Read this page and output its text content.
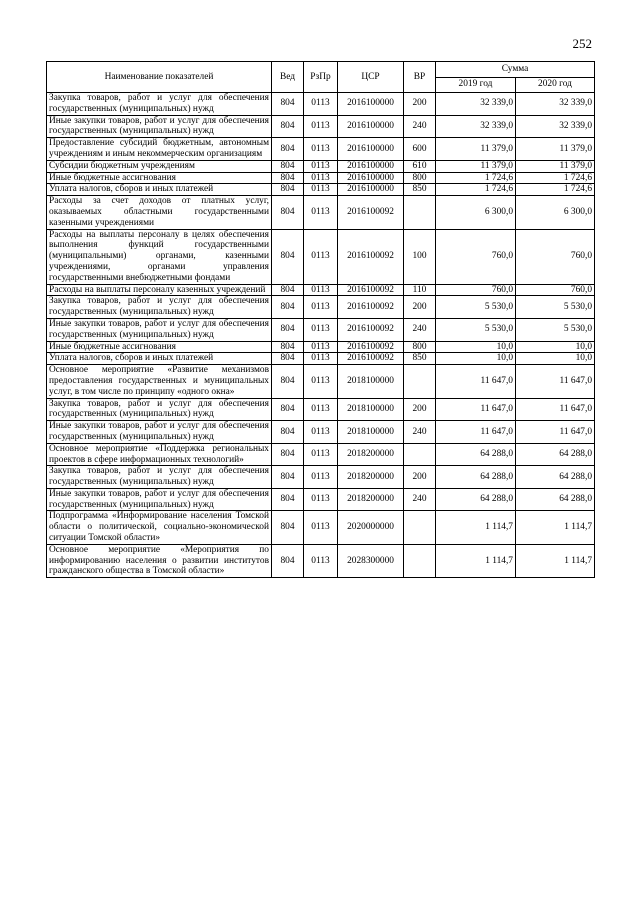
252
Наименование показателей	Вед	РзПр	ЦСР	ВР	Сумма	
					2019 год	2020 год
Закупка товаров, работ и услуг для обеспечения государственных (муниципальных) нужд	804	0113	2016100000	200	32 339,0	32 339,0
Иные закупки товаров, работ и услуг для обеспечения государственных (муниципальных) нужд	804	0113	2016100000	240	32 339,0	32 339,0
Предоставление субсидий бюджетным, автономным учреждениям и иным некоммерческим организациям	804	0113	2016100000	600	11 379,0	11 379,0
Субсидии бюджетным учреждениям	804	0113	2016100000	610	11 379,0	11 379,0
Иные бюджетные ассигнования	804	0113	2016100000	800	1 724,6	1 724,6
Уплата налогов, сборов и иных платежей	804	0113	2016100000	850	1 724,6	1 724,6
Расходы за счет доходов от платных услуг, оказываемых областными государственными казенными учреждениями	804	0113	2016100092		6 300,0	6 300,0
Расходы на выплаты персоналу в целях обеспечения выполнения функций государственными (муниципальными) органами, казенными учреждениями, органами управления государственными внебюджетными фондами	804	0113	2016100092	100	760,0	760,0
Расходы на выплаты персоналу казенных учреждений	804	0113	2016100092	110	760,0	760,0
Закупка товаров, работ и услуг для обеспечения государственных (муниципальных) нужд	804	0113	2016100092	200	5 530,0	5 530,0
Иные закупки товаров, работ и услуг для обеспечения государственных (муниципальных) нужд	804	0113	2016100092	240	5 530,0	5 530,0
Иные бюджетные ассигнования	804	0113	2016100092	800	10,0	10,0
Уплата налогов, сборов и иных платежей	804	0113	2016100092	850	10,0	10,0
Основное мероприятие «Развитие механизмов предоставления государственных и муниципальных услуг, в том числе по принципу «одного окна»	804	0113	2018100000		11 647,0	11 647,0
Закупка товаров, работ и услуг для обеспечения государственных (муниципальных) нужд	804	0113	2018100000	200	11 647,0	11 647,0
Иные закупки товаров, работ и услуг для обеспечения государственных (муниципальных) нужд	804	0113	2018100000	240	11 647,0	11 647,0
Основное мероприятие «Поддержка региональных проектов в сфере информационных технологий»	804	0113	2018200000		64 288,0	64 288,0
Закупка товаров, работ и услуг для обеспечения государственных (муниципальных) нужд	804	0113	2018200000	200	64 288,0	64 288,0
Иные закупки товаров, работ и услуг для обеспечения государственных (муниципальных) нужд	804	0113	2018200000	240	64 288,0	64 288,0
Подпрограмма «Информирование населения Томской области о политической, социально-экономической ситуации Томской области»	804	0113	2020000000		1 114,7	1 114,7
Основное мероприятие «Мероприятия по информированию населения о развитии институтов гражданского общества в Томской области»	804	0113	2028300000		1 114,7	1 114,7
